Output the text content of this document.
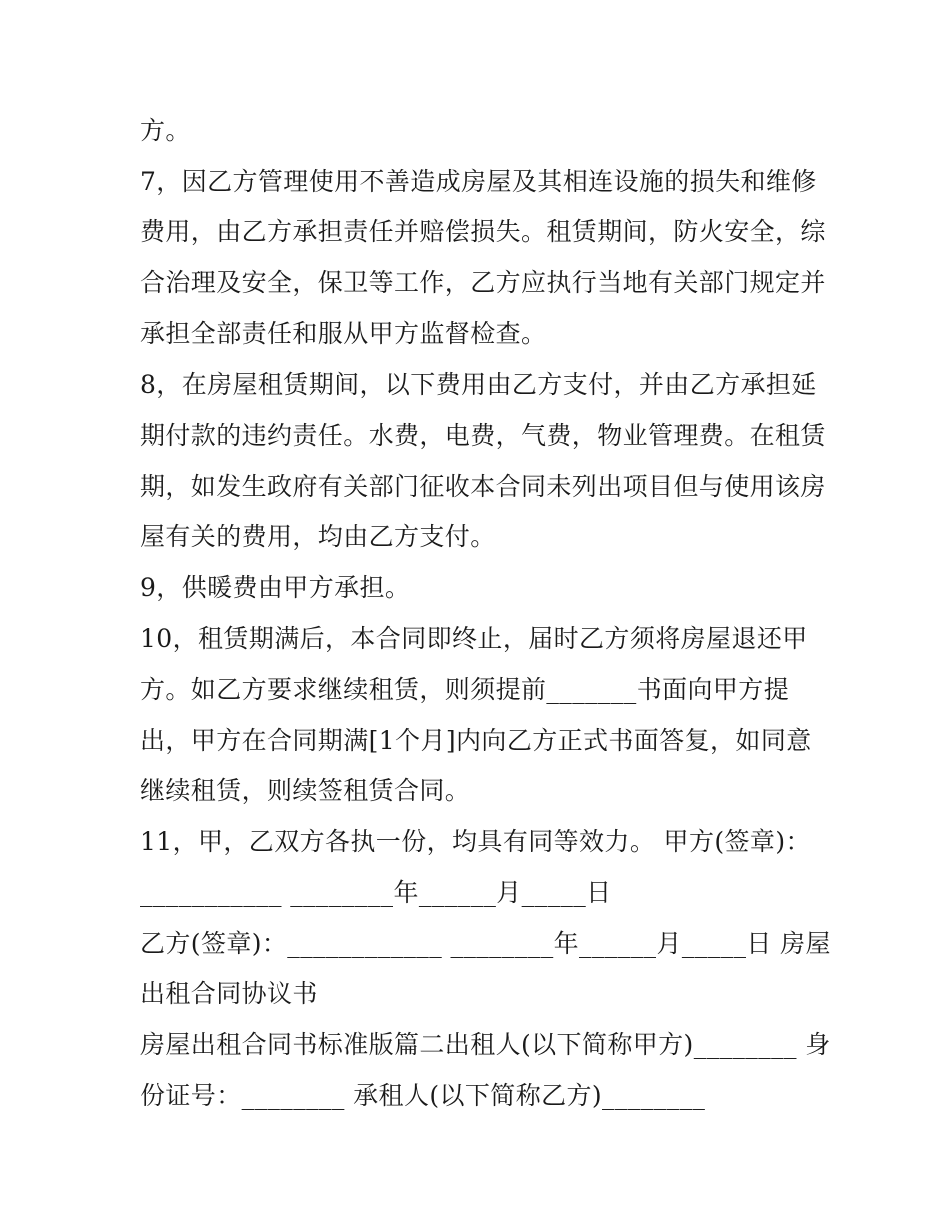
方。
7，因乙方管理使用不善造成房屋及其相连设施的损失和维修
费用，由乙方承担责任并赔偿损失。租赁期间，防火安全，综
合治理及安全，保卫等工作，乙方应执行当地有关部门规定并
承担全部责任和服从甲方监督检查。
8，在房屋租赁期间，以下费用由乙方支付，并由乙方承担延
期付款的违约责任。水费，电费，气费，物业管理费。在租赁
期，如发生政府有关部门征收本合同未列出项目但与使用该房
屋有关的费用，均由乙方支付。
9，供暖费由甲方承担。
10，租赁期满后，本合同即终止，届时乙方须将房屋退还甲
方。如乙方要求继续租赁，则须提前_______书面向甲方提
出，甲方在合同期满[1个月]内向乙方正式书面答复，如同意
继续租赁，则续签租赁合同。
11，甲，乙双方各执一份，均具有同等效力。 甲方(签章)：
___________ ________年______月_____日
乙方(签章)：____________ ________年______月_____日 房屋
出租合同协议书
房屋出租合同书标准版篇二出租人(以下简称甲方)________ 身
份证号：________ 承租人(以下简称乙方)________
